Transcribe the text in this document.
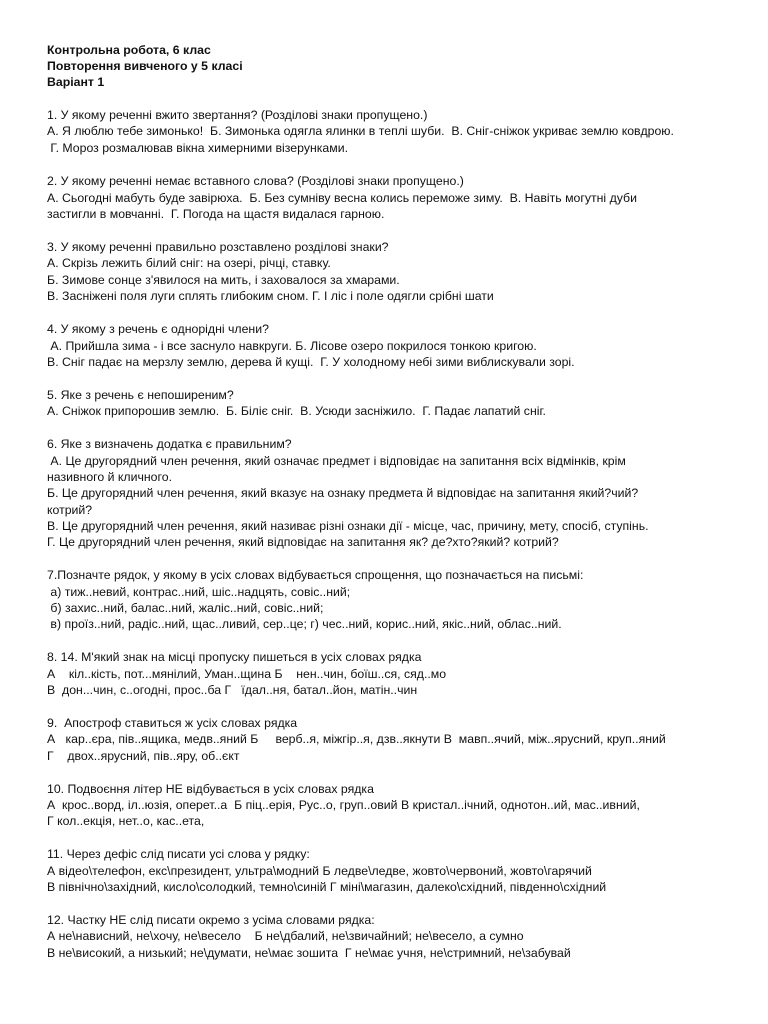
Контрольна робота, 6 клас

Повторення вивченого у 5 класі

Варіант 1

1. У якому реченні вжито звертання? (Розділові знаки пропущено.)

А. Я люблю тебе зимонько!  Б. Зимонька одягла ялинки в теплі шуби.  В. Сніг-сніжок укриває землю ковдрою.

Г. Мороз розмалював вікна химерними візерунками.

2. У якому реченні немає вставного слова? (Розділові знаки пропущено.)

А. Сьогодні мабуть буде завірюха.  Б. Без сумніву весна колись переможе зиму.  В. Навіть могутні дуби

застигли в мовчанні.  Г. Погода на щастя видалася гарною.

3. У якому реченні правильно розставлено розділові знаки?

А. Скрізь лежить білий сніг: на озері, річці, ставку.

Б. Зимове сонце з'явилося на мить, і заховалося за хмарами.

В. Засніжені поля луги сплять глибоким сном. Г. І ліс і поле одягли срібні шати

4. У якому з речень є однорідні члени?

А. Прийшла зима - і все заснуло навкруги. Б. Лісове озеро покрилося тонкою кригою.

В. Сніг падає на мерзлу землю, дерева й кущі.  Г. У холодному небі зими виблискували зорі.

5. Яке з речень є непоширеним?

А. Сніжок припорошив землю.  Б. Біліє сніг.  В. Усюди засніжило.  Г. Падає лапатий сніг.

6. Яке з визначень додатка є правильним?

А. Це другорядний член речення, який означає предмет і відповідає на запитання всіх відмінків, крім

називного й кличного.

Б. Це другорядний член речення, який вказує на ознаку предмета й відповідає на запитання який?чий?

котрий?

В. Це другорядний член речення, який називає різні ознаки дії - місце, час, причину, мету, спосіб, ступінь.

Г. Це другорядний член речення, який відповідає на запитання як? де?хто?який? котрий?

7.Позначте рядок, у якому в усіх словах відбувається спрощення, що позначається на письмі:

а) тиж..невий, контрас..ний, шіс..надцять, совіс..ний;

б) захис..ний, балас..ний, жаліс..ний, совіс..ний;

в) проїз..ний, радіс..ний, щас..ливий, сер..це; г) чес..ний, корис..ний, якіс..ний, облас..ний.

8. 14. М'який знак на місці пропуску пишеться в усіх словах рядка

А    кіл..кість, пот...мянілий, Уман..щина Б    нен..чин, боїш..ся, сяд..мо

В  дон...чин, с..огодні, прос..ба Г   їдал..ня, батал..йон, матін..чин

9.  Апостроф ставиться ж усіх словах рядка

А   кар..єра, пів..ящика, медв..яний Б     верб..я, міжгір..я, дзв..якнути В  мавп..ячий, між..ярусний, круп..яний

Г    двох..ярусний, пів..яру, об..єкт

10. Подвоєння літер НЕ відбувається в усіх словах рядка

А  крос..ворд, іл..юзія, оперет..а  Б піц..ерія, Рус..о, груп..овий В кристал..ічний, однотон..ий, мас..ивний,

Г кол..екція, нет..о, кас..ета,

11. Через дефіс слід писати усі слова у рядку:

А відео\телефон, екс\президент, ультра\модний Б ледве\ледве, жовто\червоний, жовто\гарячий

В північно\західний, кисло\солодкий, темно\синій Г міні\магазин, далеко\східний, південно\східний

12. Частку НЕ слід писати окремо з усіма словами рядка:

А не\нависний, не\хочу, не\весело    Б не\дбалий, не\звичайний; не\весело, а сумно

В не\високий, а низький; не\думати, не\має зошита  Г не\має учня, не\стримний, не\забувай
